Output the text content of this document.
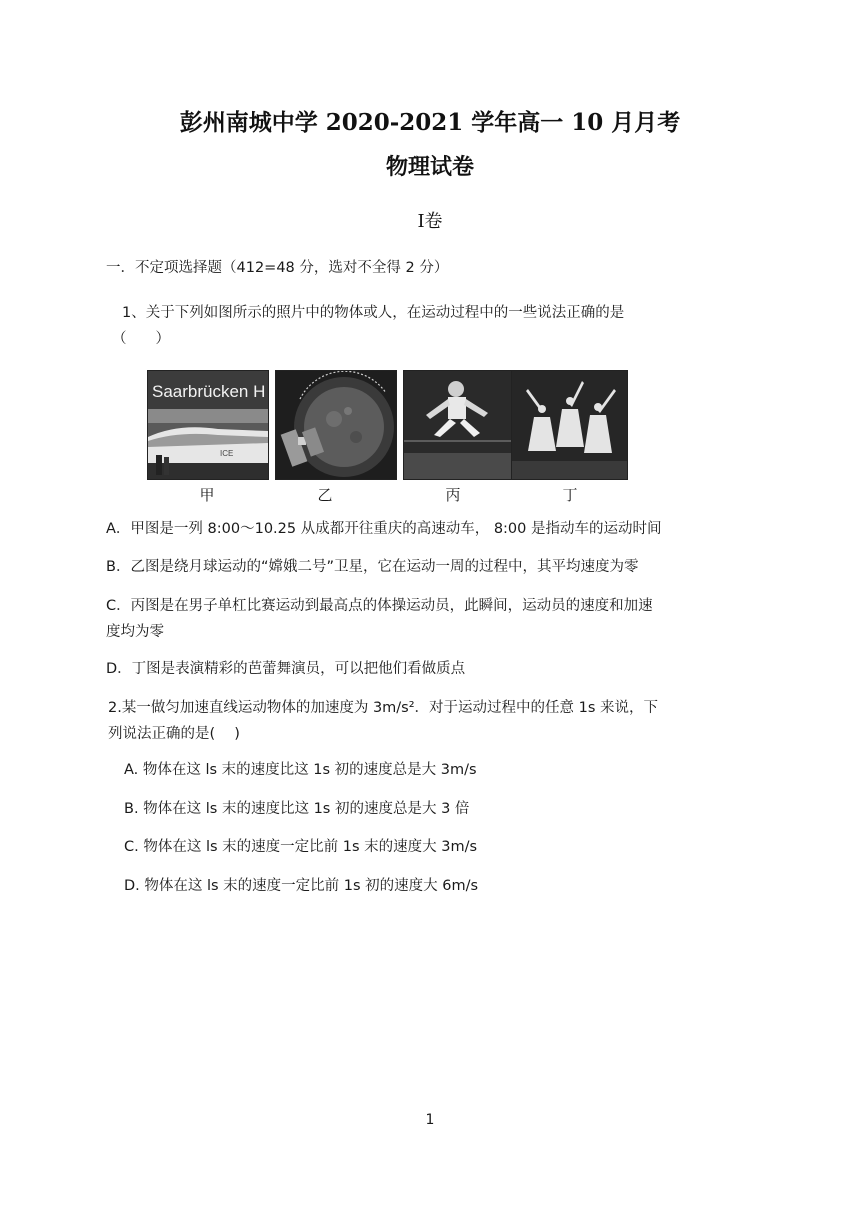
彭州南城中学 2020-2021 学年高一 10 月月考
物理试卷
Ⅰ卷
一．不定项选择题（412=48 分，选对不全得 2 分）
1、关于下列如图所示的照片中的物体或人，在运动过程中的一些说法正确的是
（　　）
Saarbrücken H
ICE
甲	乙	丙	丁
A．甲图是一列 8:00～10.25 从成都开往重庆的高速动车， 8:00 是指动车的运动时间
B．乙图是绕月球运动的“嫦娥二号”卫星，它在运动一周的过程中，其平均速度为零
C．丙图是在男子单杠比赛运动到最高点的体操运动员，此瞬间，运动员的速度和加速
度均为零
D．丁图是表演精彩的芭蕾舞演员，可以把他们看做质点
2.某一做匀加速直线运动物体的加速度为 3m/s²．对于运动过程中的任意 1s 来说，下
列说法正确的是(　 )
A. 物体在这 ls 末的速度比这 1s 初的速度总是大 3m/s
B. 物体在这 ls 末的速度比这 1s 初的速度总是大 3 倍
C. 物体在这 ls 末的速度一定比前 1s 末的速度大 3m/s
D. 物体在这 ls 末的速度一定比前 1s 初的速度大 6m/s
1
